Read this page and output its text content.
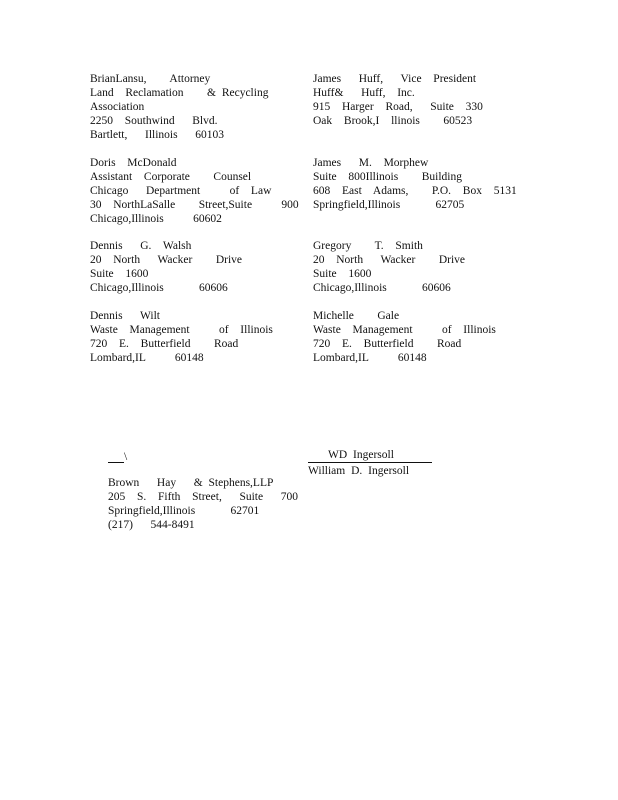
BrianLansu,    Attorney
Land  Reclamation    & Recycling
Association
2250  Southwind   Blvd.
Bartlett,   Illinois   60103
James   Huff,   Vice  President
Huff&   Huff,  Inc.
915  Harger  Road,   Suite  330
Oak  Brook,I  llinois    60523
Doris  McDonald
Assistant  Corporate    Counsel
Chicago   Department     of  Law
30  NorthLaSalle    Street,Suite     900
Chicago,Illinois     60602
James   M.  Morphew
Suite  800Illinois    Building
608  East  Adams,    P.O.  Box  5131
Springfield,Illinois      62705
Dennis   G.  Walsh
20  North   Wacker    Drive
Suite  1600
Chicago,Illinois      60606
Gregory    T.  Smith
20  North   Wacker    Drive
Suite  1600
Chicago,Illinois      60606
Dennis   Wilt
Waste  Management     of  Illinois
720  E.  Butterfield    Road
Lombard,IL     60148
Michelle    Gale
Waste  Management     of  Illinois
720  E.  Butterfield    Road
Lombard,IL     60148
\	WD Ingersoll
William D. Ingersoll
Brown   Hay   & Stephens,LLP
205  S.  Fifth  Street,   Suite   700
Springfield,Illinois      62701
(217)   544-8491
